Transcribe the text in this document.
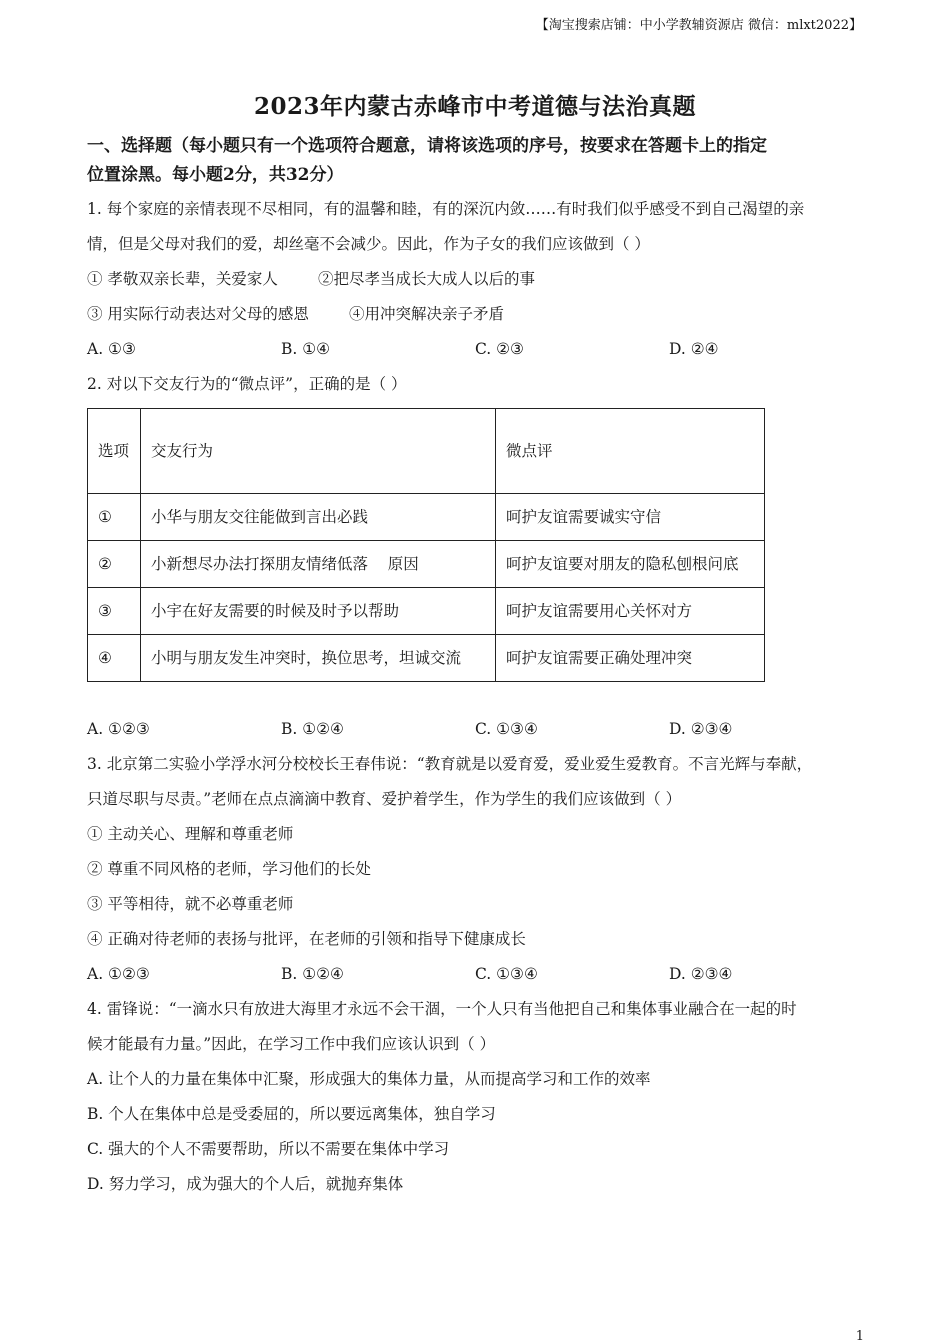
【淘宝搜索店铺：中小学教辅资源店 微信：mlxt2022】
2023年内蒙古赤峰市中考道德与法治真题
一、选择题（每小题只有一个选项符合题意，请将该选项的序号，按要求在答题卡上的指定
位置涂黑。每小题2分，共32分）

1. 每个家庭的亲情表现不尽相同，有的温馨和睦，有的深沉内敛……有时我们似乎感受不到自己渴望的亲

情，但是父母对我们的爱，却丝毫不会减少。因此，作为子女的我们应该做到（ ）

① 孝敬双亲长辈，关爱家人	②把尽孝当成长大成人以后的事

③ 用实际行动表达对父母的感恩	④用冲突解决亲子矛盾

A. ①③	B. ①④	C. ②③	D. ②④

2. 对以下交友行为的“微点评”，正确的是（ ）

选项	交友行为	微点评
①	小华与朋友交往能做到言出必践	呵护友谊需要诚实守信
②	小新想尽办法打探朋友情绪低落    原因	呵护友谊要对朋友的隐私刨根问底
③	小宇在好友需要的时候及时予以帮助	呵护友谊需要用心关怀对方
④	小明与朋友发生冲突时，换位思考，坦诚交流	呵护友谊需要正确处理冲突
A. ①②③	B. ①②④	C. ①③④	D. ②③④

3. 北京第二实验小学浮水河分校校长王春伟说：“教育就是以爱育爱，爱业爱生爱教育。不言光辉与奉献，

只道尽职与尽责。”老师在点点滴滴中教育、爱护着学生，作为学生的我们应该做到（ ）

① 主动关心、理解和尊重老师

② 尊重不同风格的老师，学习他们的长处

③ 平等相待，就不必尊重老师

④ 正确对待老师的表扬与批评，在老师的引领和指导下健康成长

A. ①②③	B. ①②④	C. ①③④	D. ②③④

4. 雷锋说：“一滴水只有放进大海里才永远不会干涸，一个人只有当他把自己和集体事业融合在一起的时

候才能最有力量。”因此，在学习工作中我们应该认识到（ ）

A. 让个人的力量在集体中汇聚，形成强大的集体力量，从而提高学习和工作的效率

B. 个人在集体中总是受委屈的，所以要远离集体，独自学习

C. 强大的个人不需要帮助，所以不需要在集体中学习

D. 努力学习，成为强大的个人后，就抛弃集体

1
